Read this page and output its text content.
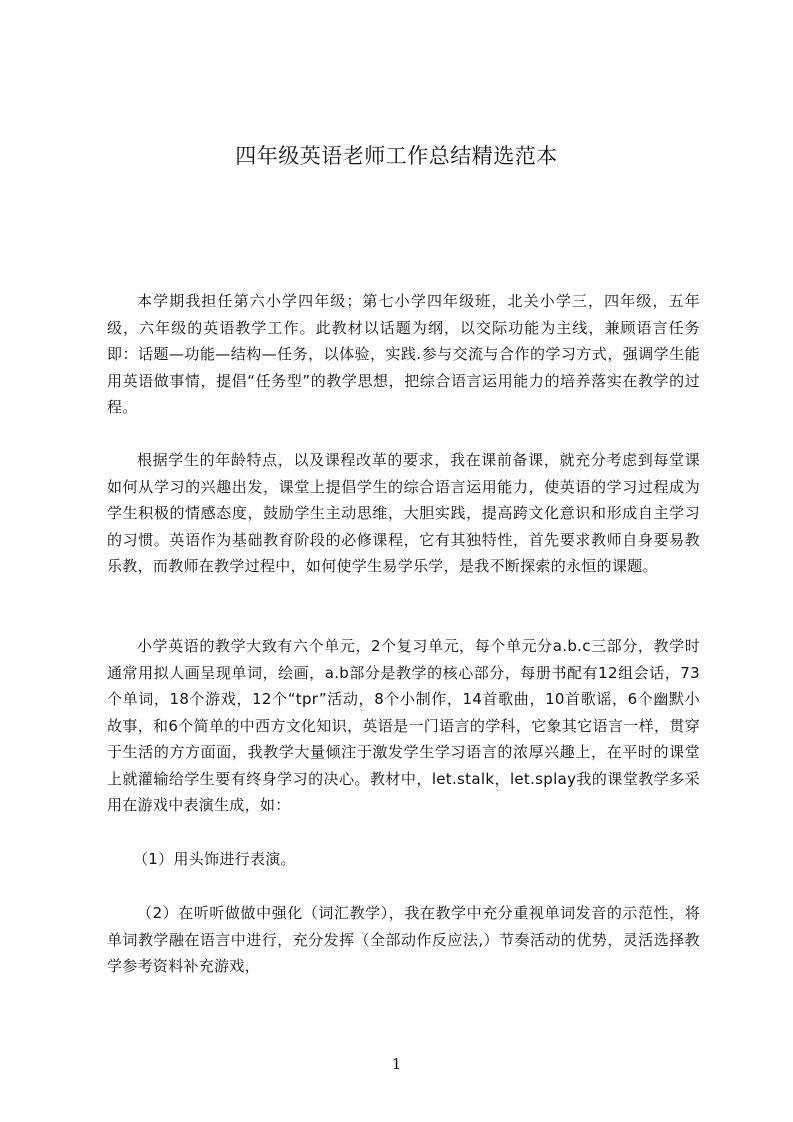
四年级英语老师工作总结精选范本

本学期我担任第六小学四年级；第七小学四年级班，北关小学三，四年级，五年级，六年级的英语教学工作。此教材以话题为纲，以交际功能为主线，兼顾语言任务即：话题—功能—结构—任务，以体验，实践.参与交流与合作的学习方式，强调学生能用英语做事情，提倡“任务型”的教学思想，把综合语言运用能力的培养落实在教学的过程。

根据学生的年龄特点，以及课程改革的要求，我在课前备课，就充分考虑到每堂课如何从学习的兴趣出发，课堂上提倡学生的综合语言运用能力，使英语的学习过程成为学生积极的情感态度，鼓励学生主动思维，大胆实践，提高跨文化意识和形成自主学习的习惯。英语作为基础教育阶段的必修课程，它有其独特性，首先要求教师自身要易教乐教，而教师在教学过程中，如何使学生易学乐学，是我不断探索的永恒的课题。

小学英语的教学大致有六个单元，2个复习单元，每个单元分a.b.c三部分，教学时通常用拟人画呈现单词，绘画，a.b部分是教学的核心部分，每册书配有12组会话，73个单词，18个游戏，12个“tpr”活动，8个小制作，14首歌曲，10首歌谣，6个幽默小故事，和6个简单的中西方文化知识，英语是一门语言的学科，它象其它语言一样，贯穿于生活的方方面面，我教学大量倾注于激发学生学习语言的浓厚兴趣上，在平时的课堂上就灌输给学生要有终身学习的决心。教材中，let.stalk，let.splay我的课堂教学多采用在游戏中表演生成，如：

（1）用头饰进行表演。

（2）在听听做做中强化（词汇教学），我在教学中充分重视单词发音的示范性，将单词教学融在语言中进行，充分发挥（全部动作反应法,）节奏活动的优势，灵活选择教学参考资料补充游戏，

1
